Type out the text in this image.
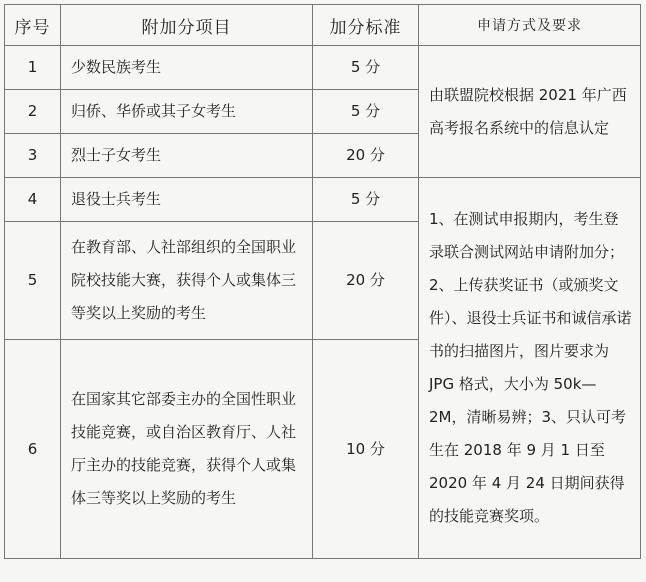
序号	附加分项目	加分标准	申请方式及要求
1	少数民族考生	5 分	由联盟院校根据 2021 年广西高考报名系统中的信息认定
2	归侨、华侨或其子女考生	5 分	
3	烈士子女考生	20 分	
4	退役士兵考生	5 分	1、在测试申报期内，考生登录联合测试网站申请附加分；2、上传获奖证书（或颁奖文件）、退役士兵证书和诚信承诺书的扫描图片，图片要求为 JPG 格式，大小为 50k—2M，清晰易辨；3、只认可考生在 2018 年 9 月 1 日至 2020 年 4 月 24 日期间获得的技能竞赛奖项。
5	在教育部、人社部组织的全国职业院校技能大赛，获得个人或集体三等奖以上奖励的考生	20 分	
6	在国家其它部委主办的全国性职业技能竞赛，或自治区教育厅、人社厅主办的技能竞赛，获得个人或集体三等奖以上奖励的考生	10 分	
